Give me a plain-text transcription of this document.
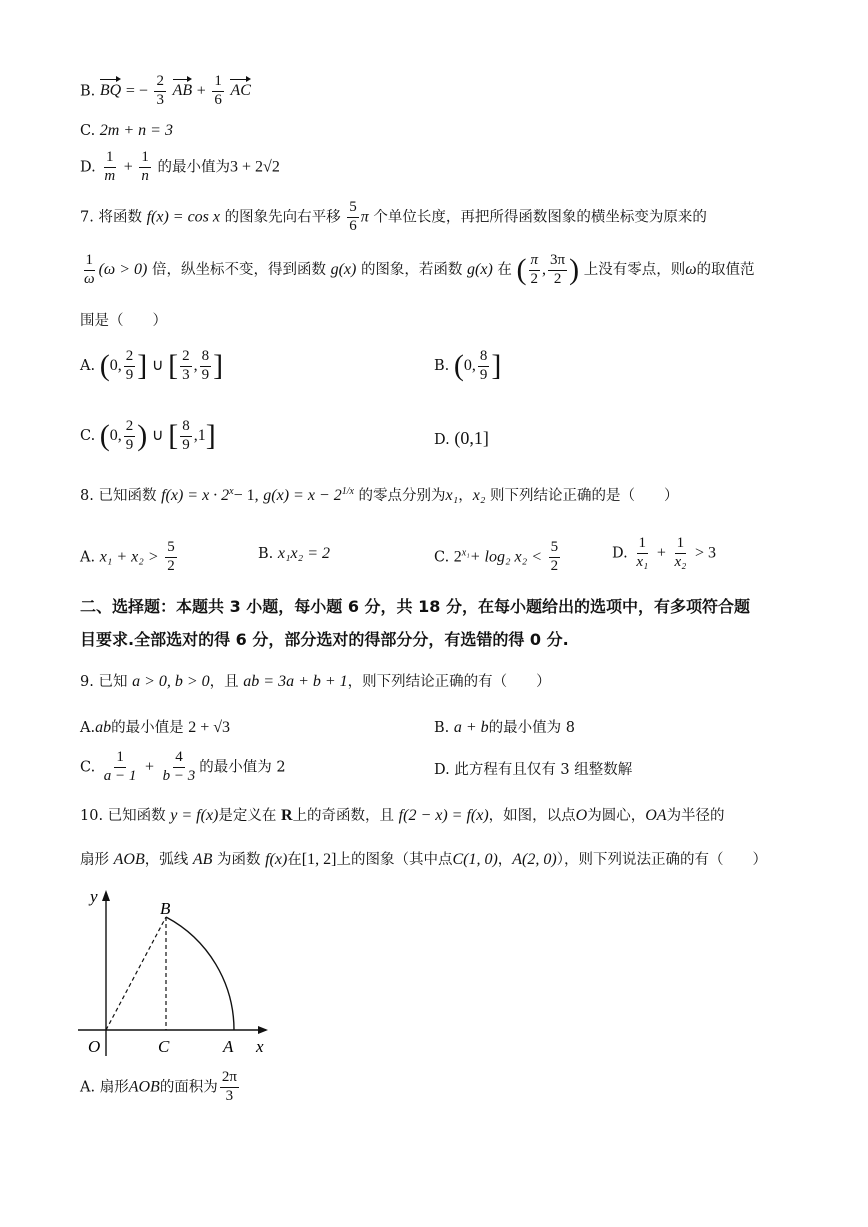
B. BQ = − $\frac{2}{3}$ AB + $\frac{1}{6}$ AC
C. 2m + n = 3
D. $\frac{1}{m} + \frac{1}{n}$ 的最小值为3 + 2√2
7. 将函数 f(x) = cos x 的图象先向右平移 $\frac{5}{6}$ π 个单位长度，再把所得函数图象的横坐标变为原来的
$\frac{1}{\omega} (\omega > 0)$ 倍，纵坐标不变，得到函数 g(x) 的图象，若函数 g(x) 在 ( $\frac{\pi}{2}$ , $\frac{3\pi}{2}$ ) 上没有零点，则ω的取值范
围是（　　）
A. (0, $\frac{2}{9}$ ] ∪ [ $\frac{2}{3}$ , $\frac{8}{9}$ ]	B. (0, $\frac{8}{9}$ ]
C. (0, $\frac{2}{9}$ ) ∪ [ $\frac{8}{9} ,1$]	D. (0,1]
8. 已知函数 $f(x) = x \cdot 2^x- 1$, $g(x) = x - 2^{1/x}$ 的零点分别为x₁，x₂ 则下列结论正确的是（　　）
A. $x_1 + x_2 > \frac{5}{2}$	B. x₁x₂ = 2	C. $2^{x_1}+ \log_2$ $x_2 < \frac{5}{2}$	D. $\frac{1}{\text{x₁}} + \frac{1}{\text{x₂}} > 3$
二、选择题：本题共 3 小题，每小题 6 分，共 18 分，在每小题给出的选项中，有多项符合题
目要求.全部选对的得 6 分，部分选对的得部分分，有选错的得 0 分.
9. 已知 a > 0, b > 0，且 ab = 3a + b + 1，则下列结论正确的有（　　）
A.ab的最小值是 2 + √3	B. a + b的最小值为 8
C. $\frac{1}{a - 1} + \frac{4}{b - 3}$ 的最小值为 2	D. 此方程有且仅有 3 组整数解
10. 已知函数 y = f(x)是定义在 R上的奇函数，且 f(2 − x) = f(x)，如图，以点O为圆心，OA为半径的
扇形 AOB，弧线 AB 为函数 f(x)在[1, 2]上的图象（其中点C(1, 0)，A(2, 0)），则下列说法正确的有（　　）
y
x
O	C	A
B
A. 扇形AOB的面积为 $\frac{2\pi}{3}$
